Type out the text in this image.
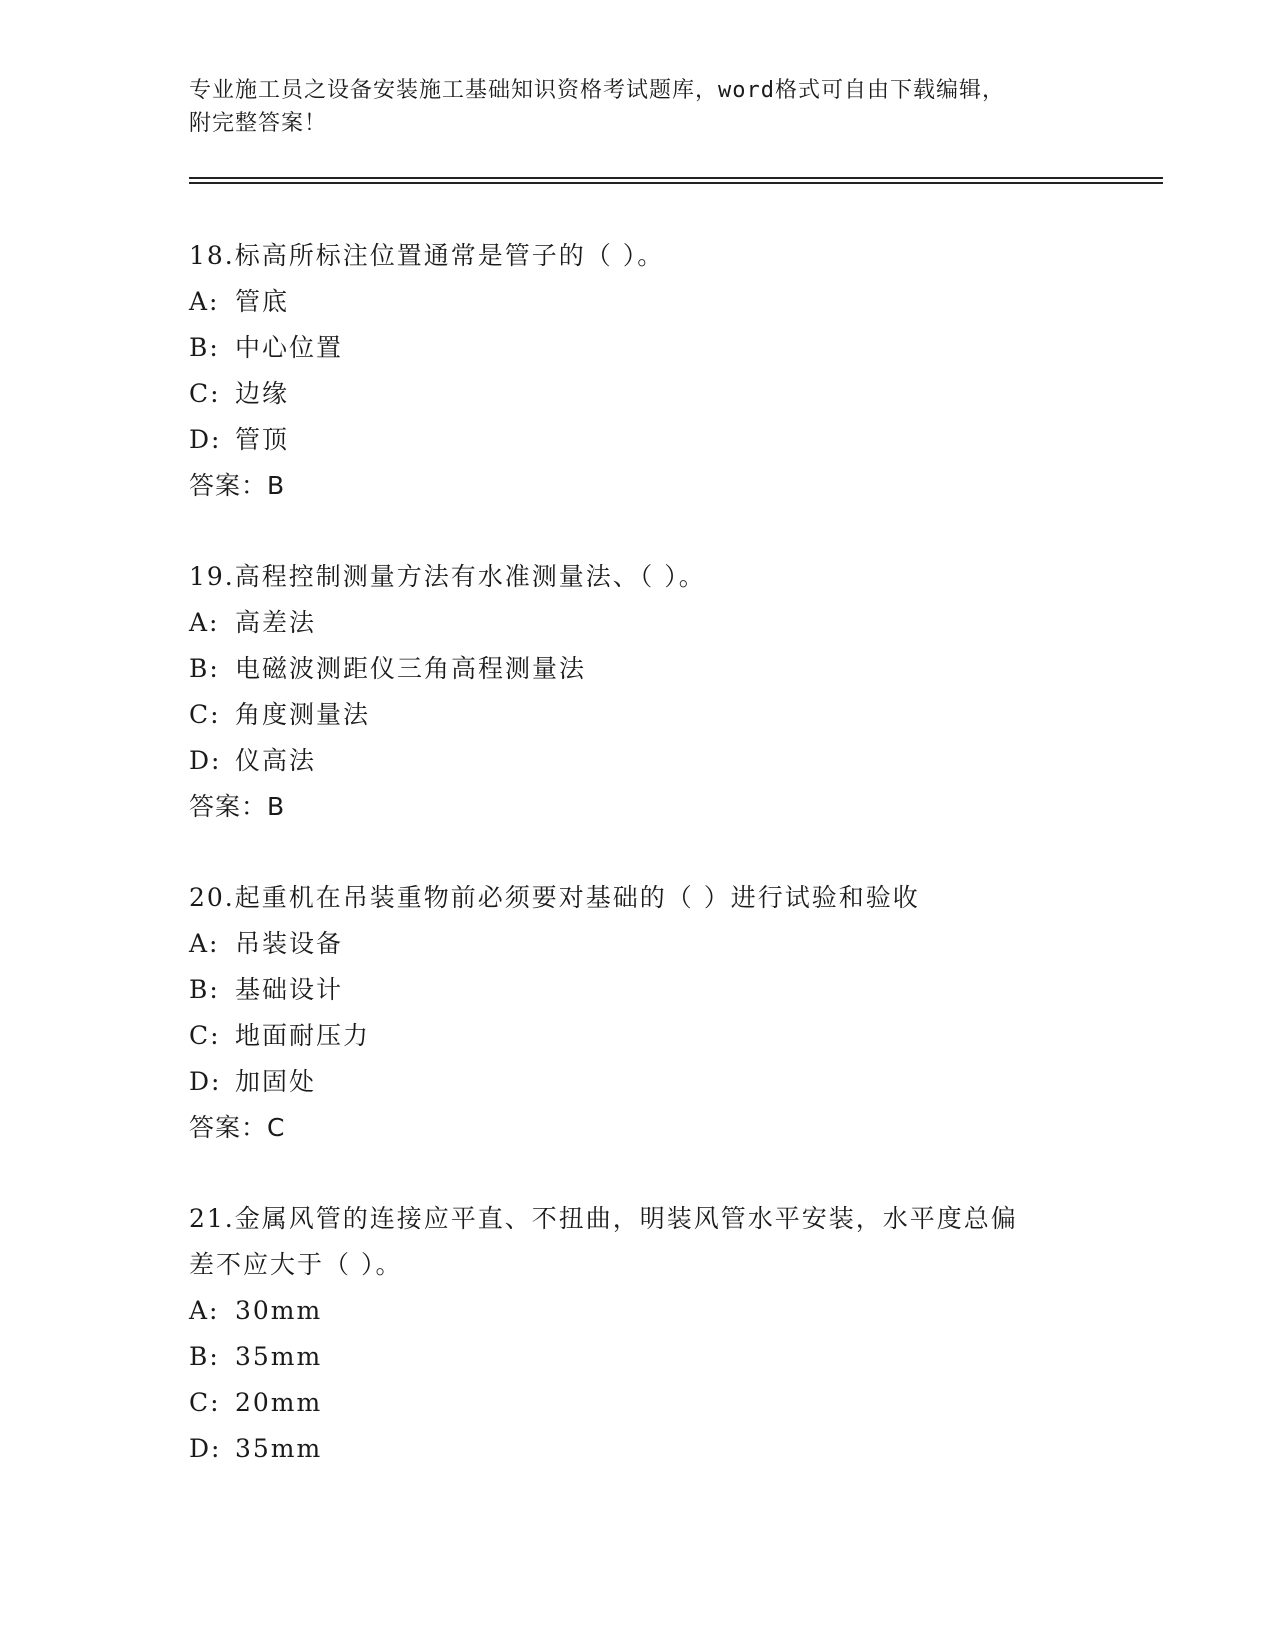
专业施工员之设备安装施工基础知识资格考试题库，word格式可自由下载编辑，
附完整答案！
18.标高所标注位置通常是管子的（ ）。
A: 管底
B: 中心位置
C: 边缘
D: 管顶
答案：B
19.高程控制测量方法有水准测量法、（ ）。
A: 高差法
B: 电磁波测距仪三角高程测量法
C: 角度测量法
D: 仪高法
答案：B
20.起重机在吊装重物前必须要对基础的（ ）进行试验和验收
A: 吊装设备
B: 基础设计
C: 地面耐压力
D: 加固处
答案：C
21.金属风管的连接应平直、不扭曲，明装风管水平安装，水平度总偏
差不应大于（ ）。
A: 30mm
B: 35mm
C: 20mm
D: 35mm
